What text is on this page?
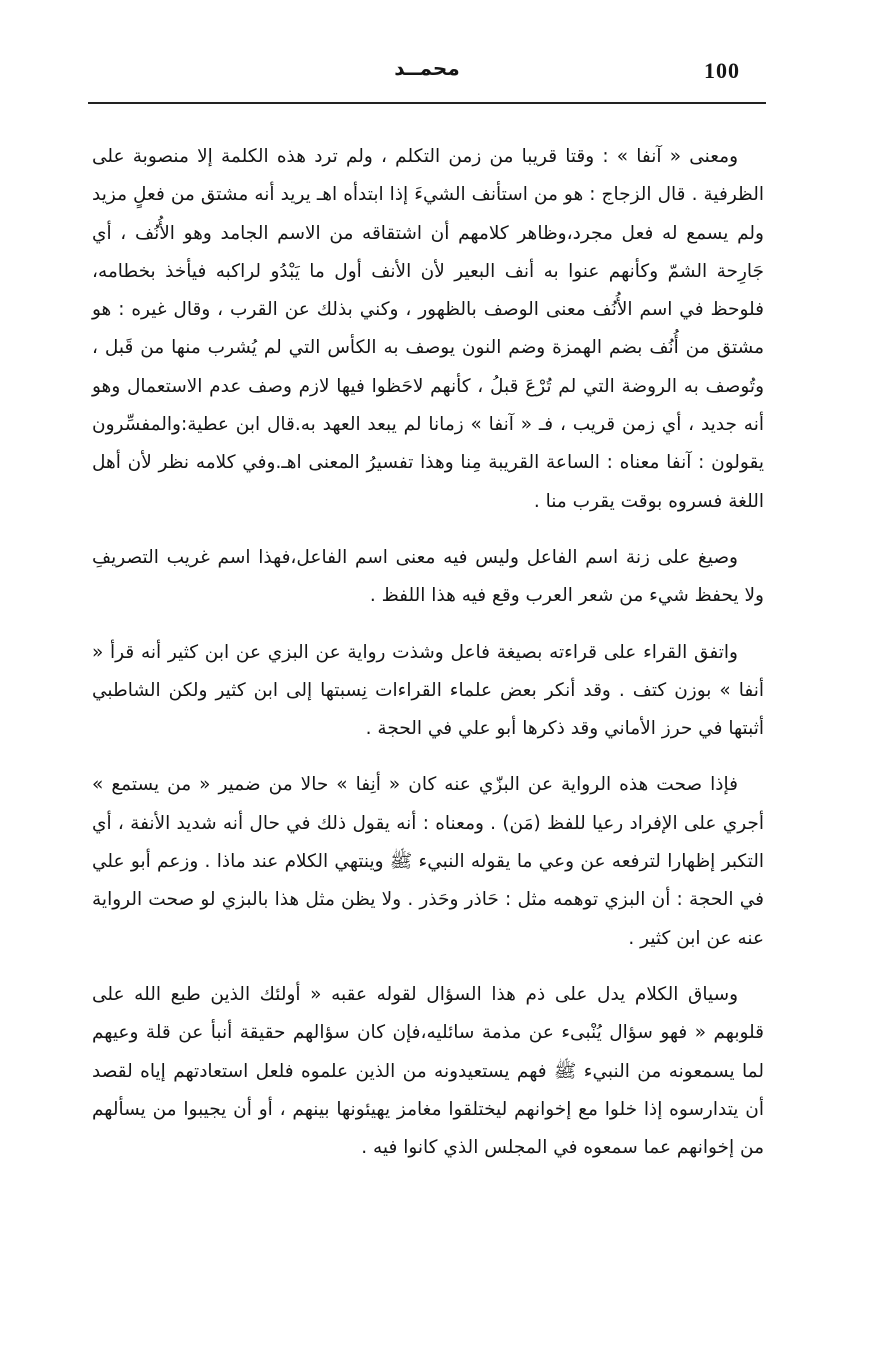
100
محمــد

ومعنى « آنفا » : وقتا قريبا من زمن التكلم ، ولم ترد هذه الكلمة إلا منصوبة على الظرفية . قال الزجاج : هو من استأنف الشيءَ إذا ابتدأه اهـ يريد أنه مشتق من فعلٍ مزيد ولم يسمع له فعل مجرد،وظاهر كلامهم أن اشتقاقه من الاسم الجامد وهو الأُنُف ، أي جَارِحة الشمّ وكأنهم عنوا به أنف البعير لأن الأنف أول ما يَبْدُو لراكبه فيأخذ بخطامه، فلوحظ في اسم الأُنُف معنى الوصف بالظهور ، وكني بذلك عن القرب ، وقال غيره : هو مشتق من أُنُف بضم الهمزة وضم النون يوصف به الكأس التي لم يُشرب منها من قَبل ، وتُوصف به الروضة التي لم تُرْعَ قبلُ ، كأنهم لاحَظوا فيها لازم وصف عدم الاستعمال وهو أنه جديد ، أي زمن قريب ، فـ « آنفا » زمانا لم يبعد العهد به.قال ابن عطية:والمفسِّرون يقولون : آنفا معناه : الساعة القريبة مِنا وهذا تفسيرُ المعنى اهـ.وفي كلامه نظر لأن أهل اللغة فسروه بوقت يقرب منا .

وصيغ على زنة اسم الفاعل وليس فيه معنى اسم الفاعل،فهذا اسم غريب التصريفِ ولا يحفظ شيء من شعر العرب وقع فيه هذا اللفظ .

واتفق القراء على قراءته بصيغة فاعل وشذت رواية عن البزي عن ابن كثير أنه قرأ « أنفا » بوزن كتف . وقد أنكر بعض علماء القراءات نِسبتها إلى ابن كثير ولكن الشاطبي أثبتها في حرز الأماني وقد ذكرها أبو علي في الحجة .

فإذا صحت هذه الرواية عن البزّي عنه كان « أنِفا » حالا من ضمير « من يستمع » أجري على الإفراد رعيا للفظ (مَن) . ومعناه : أنه يقول ذلك في حال أنه شديد الأنفة ، أي التكبر إظهارا لترفعه عن وعي ما يقوله النبيء ﷺ وينتهي الكلام عند ماذا . وزعم أبو علي في الحجة : أن البزي توهمه مثل : حَاذر وحَذر . ولا يظن مثل هذا بالبزي لو صحت الرواية عنه عن ابن كثير .

وسياق الكلام يدل على ذم هذا السؤال لقوله عقبه « أولئك الذين طبع الله على قلوبهم « فهو سؤال يُنْبىء عن مذمة سائليه،فإن كان سؤالهم حقيقة أنبأ عن قلة وعيهم لما يسمعونه من النبيء ﷺ فهم يستعيدونه من الذين علموه فلعل استعادتهم إياه لقصد أن يتدارسوه إذا خلوا مع إخوانهم ليختلقوا مغامز يهيئونها بينهم ، أو أن يجيبوا من يسألهم من إخوانهم عما سمعوه في المجلس الذي كانوا فيه .
